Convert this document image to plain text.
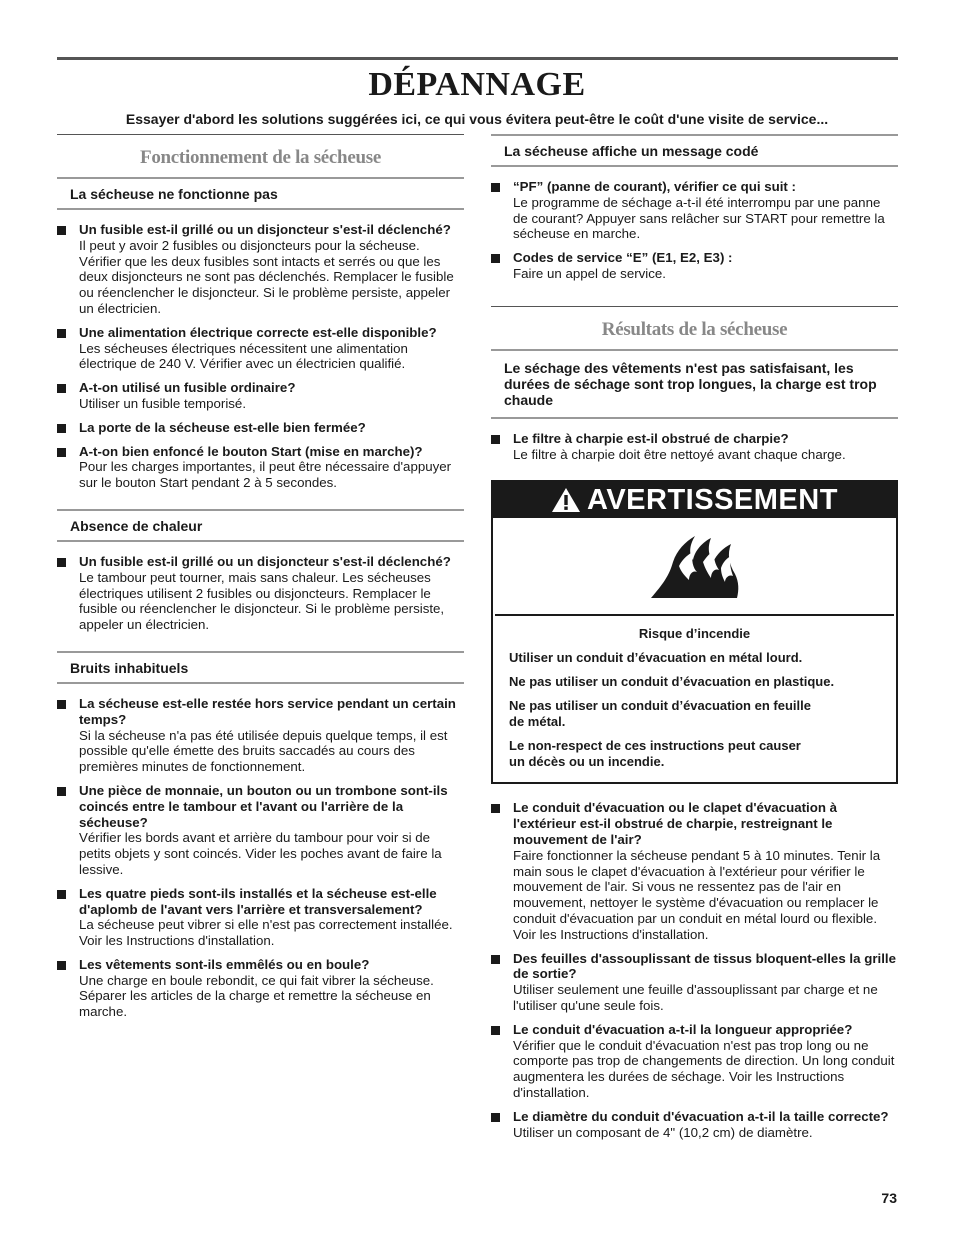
DÉPANNAGE
Essayer d'abord les solutions suggérées ici, ce qui vous évitera peut-être le coût d'une visite de service...
Fonctionnement de la sécheuse
La sécheuse ne fonctionne pas
Un fusible est-il grillé ou un disjoncteur s'est-il déclenché?
Il peut y avoir 2 fusibles ou disjoncteurs pour la sécheuse. Vérifier que les deux fusibles sont intacts et serrés ou que les deux disjoncteurs ne sont pas déclenchés. Remplacer le fusible ou réenclencher le disjoncteur. Si le problème persiste, appeler un électricien.
Une alimentation électrique correcte est-elle disponible?
Les sécheuses électriques nécessitent une alimentation électrique de 240 V. Vérifier avec un électricien qualifié.
A-t-on utilisé un fusible ordinaire?
Utiliser un fusible temporisé.
La porte de la sécheuse est-elle bien fermée?
A-t-on bien enfoncé le bouton Start (mise en marche)?
Pour les charges importantes, il peut être nécessaire d'appuyer sur le bouton Start pendant 2 à 5 secondes.
Absence de chaleur
Un fusible est-il grillé ou un disjoncteur s'est-il déclenché?
Le tambour peut tourner, mais sans chaleur. Les sécheuses électriques utilisent 2 fusibles ou disjoncteurs. Remplacer le fusible ou réenclencher le disjoncteur. Si le problème persiste, appeler un électricien.
Bruits inhabituels
La sécheuse est-elle restée hors service pendant un certain temps?
Si la sécheuse n'a pas été utilisée depuis quelque temps, il est possible qu'elle émette des bruits saccadés au cours des premières minutes de fonctionnement.
Une pièce de monnaie, un bouton ou un trombone sont-ils coincés entre le tambour et l'avant ou l'arrière de la sécheuse?
Vérifier les bords avant et arrière du tambour pour voir si de petits objets y sont coincés. Vider les poches avant de faire la lessive.
Les quatre pieds sont-ils installés et la sécheuse est-elle d'aplomb de l'avant vers l'arrière et transversalement?
La sécheuse peut vibrer si elle n'est pas correctement installée. Voir les Instructions d'installation.
Les vêtements sont-ils emmêlés ou en boule?
Une charge en boule rebondit, ce qui fait vibrer la sécheuse. Séparer les articles de la charge et remettre la sécheuse en marche.
La sécheuse affiche un message codé
“PF” (panne de courant), vérifier ce qui suit :
Le programme de séchage a-t-il été interrompu par une panne de courant? Appuyer sans relâcher sur START pour remettre la sécheuse en marche.
Codes de service “E” (E1, E2, E3) :
Faire un appel de service.
Résultats de la sécheuse
Le séchage des vêtements n'est pas satisfaisant, les durées de séchage sont trop longues, la charge est trop chaude
Le filtre à charpie est-il obstrué de charpie?
Le filtre à charpie doit être nettoyé avant chaque charge.
AVERTISSEMENT
Risque d’incendie
Utiliser un conduit d’évacuation en métal lourd.
Ne pas utiliser un conduit d’évacuation en plastique.
Ne pas utiliser un conduit d’évacuation en feuille de métal.
Le non-respect de ces instructions peut causer un décès ou un incendie.
Le conduit d'évacuation ou le clapet d'évacuation à l'extérieur est-il obstrué de charpie, restreignant le mouvement de l'air?
Faire fonctionner la sécheuse pendant 5 à 10 minutes. Tenir la main sous le clapet d'évacuation à l'extérieur pour vérifier le mouvement de l'air. Si vous ne ressentez pas de l'air en mouvement, nettoyer le système d'évacuation ou remplacer le conduit d'évacuation par un conduit en métal lourd ou flexible. Voir les Instructions d'installation.
Des feuilles d'assouplissant de tissus bloquent-elles la grille de sortie?
Utiliser seulement une feuille d'assouplissant par charge et ne l'utiliser qu'une seule fois.
Le conduit d'évacuation a-t-il la longueur appropriée?
Vérifier que le conduit d'évacuation n'est pas trop long ou ne comporte pas trop de changements de direction. Un long conduit augmentera les durées de séchage. Voir les Instructions d'installation.
Le diamètre du conduit d'évacuation a-t-il la taille correcte?
Utiliser un composant de 4" (10,2 cm) de diamètre.
73
